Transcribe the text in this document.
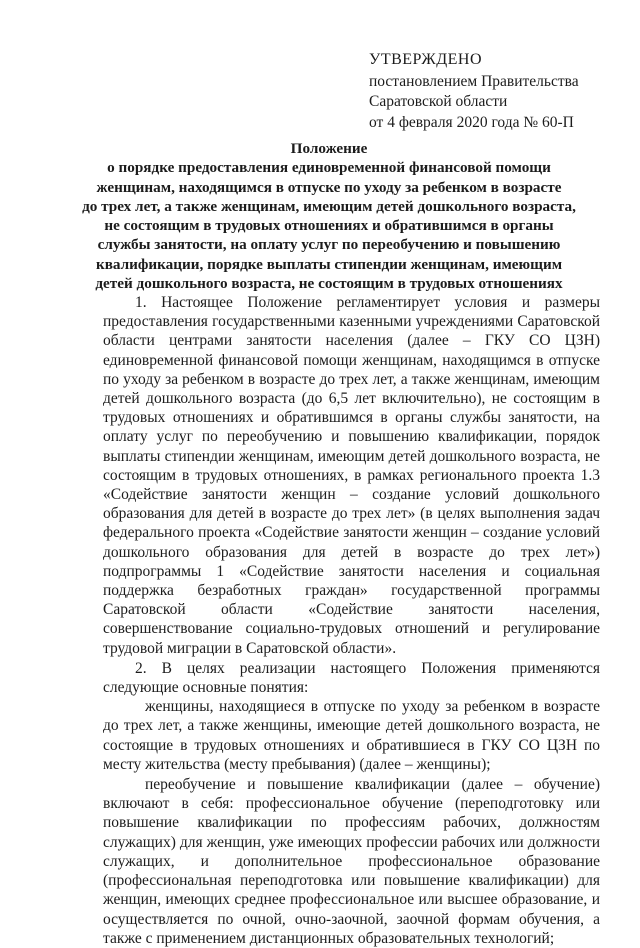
УТВЕРЖДЕНО
постановлением Правительства
Саратовской области
от 4 февраля 2020 года № 60-П
Положение
о порядке предоставления единовременной финансовой помощи
женщинам, находящимся в отпуске по уходу за ребенком в возрасте
до трех лет, а также женщинам, имеющим детей дошкольного возраста,
не состоящим в трудовых отношениях и обратившимся в органы
службы занятости, на оплату услуг по переобучению и повышению
квалификации, порядке выплаты стипендии женщинам, имеющим
детей дошкольного возраста, не состоящим в трудовых отношениях

1. Настоящее Положение регламентирует условия и размеры предоставления государственными казенными учреждениями Саратовской области центрами занятости населения (далее – ГКУ СО ЦЗН) единовременной финансовой помощи женщинам, находящимся в отпуске по уходу за ребенком в возрасте до трех лет, а также женщинам, имеющим детей дошкольного возраста (до 6,5 лет включительно), не состоящим в трудовых отношениях и обратившимся в органы службы занятости, на оплату услуг по переобучению и повышению квалификации, порядок выплаты стипендии женщинам, имеющим детей дошкольного возраста, не состоящим в трудовых отношениях, в рамках регионального проекта 1.3 «Содействие занятости женщин – создание условий дошкольного образования для детей в возрасте до трех лет» (в целях выполнения задач федерального проекта «Содействие занятости женщин – создание условий дошкольного образования для детей в возрасте до трех лет») подпрограммы 1 «Содействие занятости населения и социальная поддержка безработных граждан» государственной программы Саратовской области «Содействие занятости населения, совершенствование социально-трудовых отношений и регулирование трудовой миграции в Саратовской области».

2. В целях реализации настоящего Положения применяются следующие основные понятия:

женщины, находящиеся в отпуске по уходу за ребенком в возрасте до трех лет, а также женщины, имеющие детей дошкольного возраста, не состоящие в трудовых отношениях и обратившиеся в ГКУ СО ЦЗН по месту жительства (месту пребывания) (далее – женщины);

переобучение и повышение квалификации (далее – обучение) включают в себя: профессиональное обучение (переподготовку или повышение квалификации по профессиям рабочих, должностям служащих) для женщин, уже имеющих профессии рабочих или должности служащих, и дополнительное профессиональное образование (профессиональная переподготовка или повышение квалификации) для женщин, имеющих среднее профессиональное или высшее образование, и осуществляется по очной, очно-заочной, заочной формам обучения, а также с применением дистанционных образовательных технологий;
